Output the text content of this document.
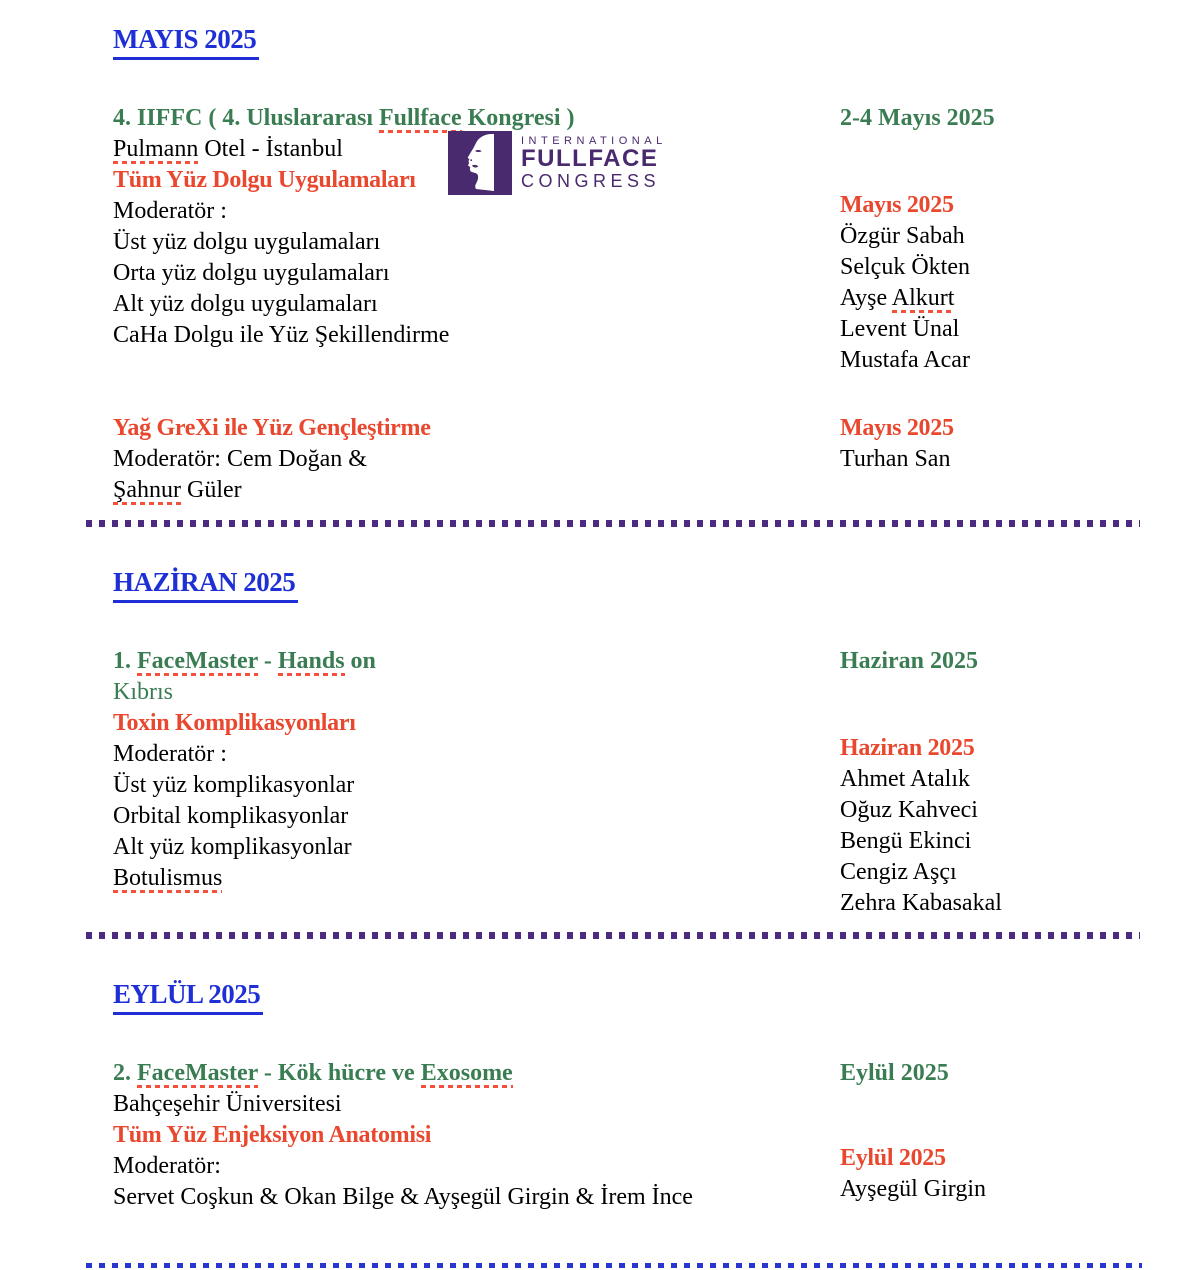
MAYIS 2025
4. IIFFC ( 4. Uluslararası Fullface Kongresi )
Pulmann Otel - İstanbul
Tüm Yüz Dolgu Uygulamaları
Moderatör :
Üst yüz dolgu uygulamaları
Orta yüz dolgu uygulamaları
Alt yüz dolgu uygulamaları
CaHa Dolgu ile Yüz Şekillendirme
INTERNATIONAL
FULLFACE
CONGRESS
2-4 Mayıs 2025
Mayıs 2025
Özgür Sabah
Selçuk Ökten
Ayşe Alkurt
Levent Ünal
Mustafa Acar
Yağ GreXi ile Yüz Gençleştirme
Moderatör: Cem Doğan &
Şahnur Güler
Mayıs 2025
Turhan San
HAZİRAN 2025
1. FaceMaster - Hands on
Kıbrıs
Toxin Komplikasyonları
Moderatör :
Üst yüz komplikasyonlar
Orbital komplikasyonlar
Alt yüz komplikasyonlar
Botulismus
Haziran 2025
Haziran 2025
Ahmet Atalık
Oğuz Kahveci
Bengü Ekinci
Cengiz Aşçı
Zehra Kabasakal
EYLÜL 2025
2. FaceMaster - Kök hücre ve Exosome
Bahçeşehir Üniversitesi
Tüm Yüz Enjeksiyon Anatomisi
Moderatör:
Servet Coşkun & Okan Bilge & Ayşegül Girgin & İrem İnce
Eylül 2025
Eylül 2025
Ayşegül Girgin
